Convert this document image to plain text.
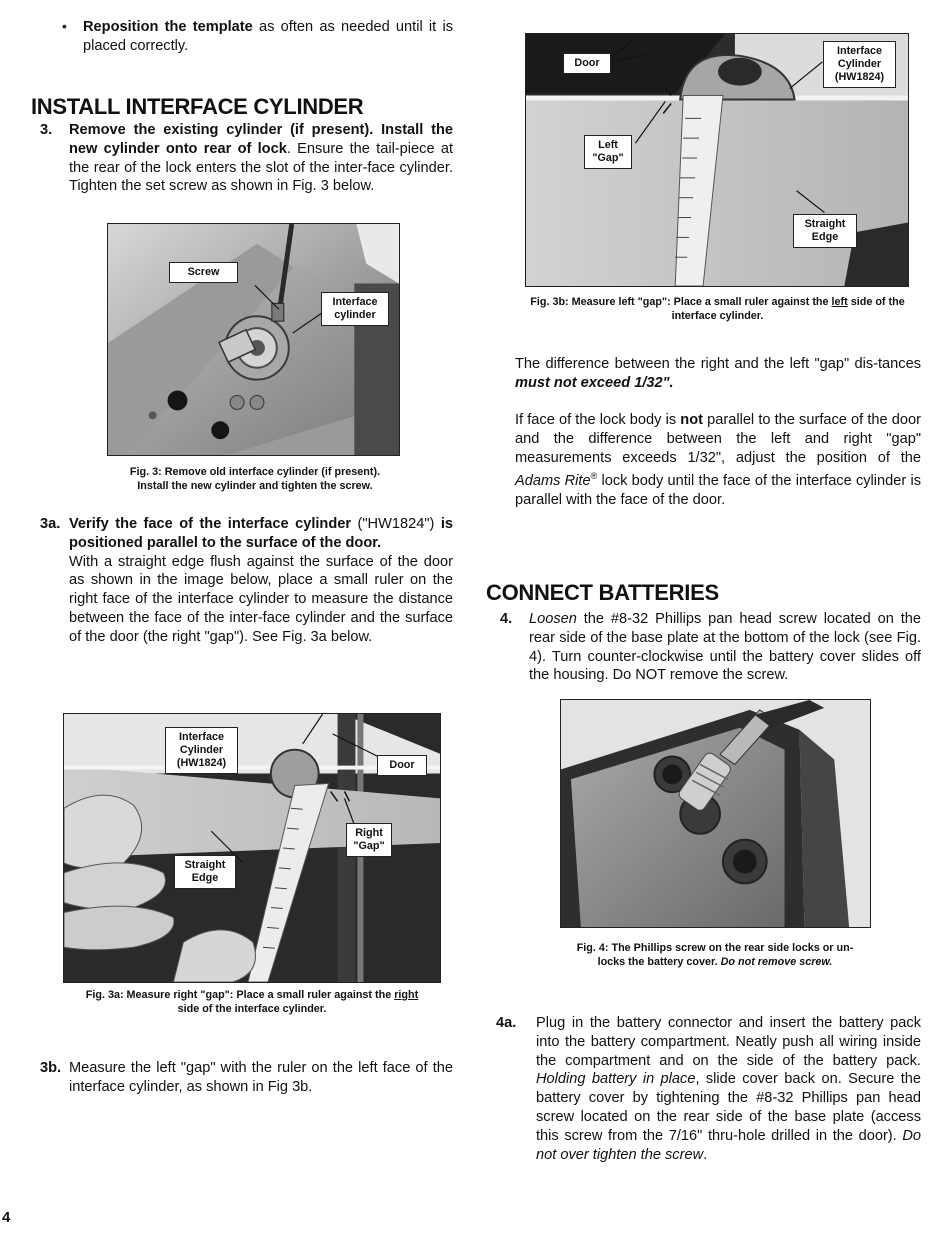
• Reposition the template as often as needed until it is placed correctly.
INSTALL INTERFACE CYLINDER
3. Remove the existing cylinder (if present). Install the new cylinder onto rear of lock. Ensure the tail-piece at the rear of the lock enters the slot of the inter-face cylinder. Tighten the set screw as shown in Fig. 3 below.
Screw
Interface cylinder
Fig. 3: Remove old interface cylinder (if present).
Install the new cylinder and tighten the screw.
3a. Verify the face of the interface cylinder ("HW1824") is positioned parallel to the surface of the door.
With a straight edge flush against the surface of the door as shown in the image below, place a small ruler on the right face of the interface cylinder to measure the distance between the face of the inter-face cylinder and the surface of the door (the right "gap"). See Fig. 3a below.
Interface Cylinder (HW1824)	Door
Right "Gap"
Straight Edge
Fig. 3a: Measure right "gap": Place a small ruler against the right
side of the interface cylinder.
3b. Measure the left "gap" with the ruler on the left face of the interface cylinder, as shown in Fig 3b.
4
Door
Interface Cylinder (HW1824)
Left "Gap"
Straight Edge
Fig. 3b: Measure left "gap": Place a small ruler against the left side of the interface cylinder.
The difference between the right and the left "gap" dis-tances must not exceed 1/32".
If face of the lock body is not parallel to the surface of the door and the difference between the left and right "gap" measurements exceeds 1/32", adjust the position of the Adams Rite® lock body until the face of the interface cylinder is parallel with the face of the door.
CONNECT BATTERIES
4. Loosen the #8-32 Phillips pan head screw located on the rear side of the base plate at the bottom of the lock (see Fig. 4). Turn counter-clockwise until the battery cover slides off the housing. Do NOT remove the screw.
Fig. 4: The Phillips screw on the rear side locks or un-
locks the battery cover. Do not remove screw.
4a. Plug in the battery connector and insert the battery pack into the battery compartment. Neatly push all wiring inside the compartment and on the side of the battery pack. Holding battery in place, slide cover back on. Secure the battery cover by tightening the #8-32 Phillips pan head screw located on the rear side of the base plate (access this screw from the 7/16" thru-hole drilled in the door). Do not over tighten the screw.
